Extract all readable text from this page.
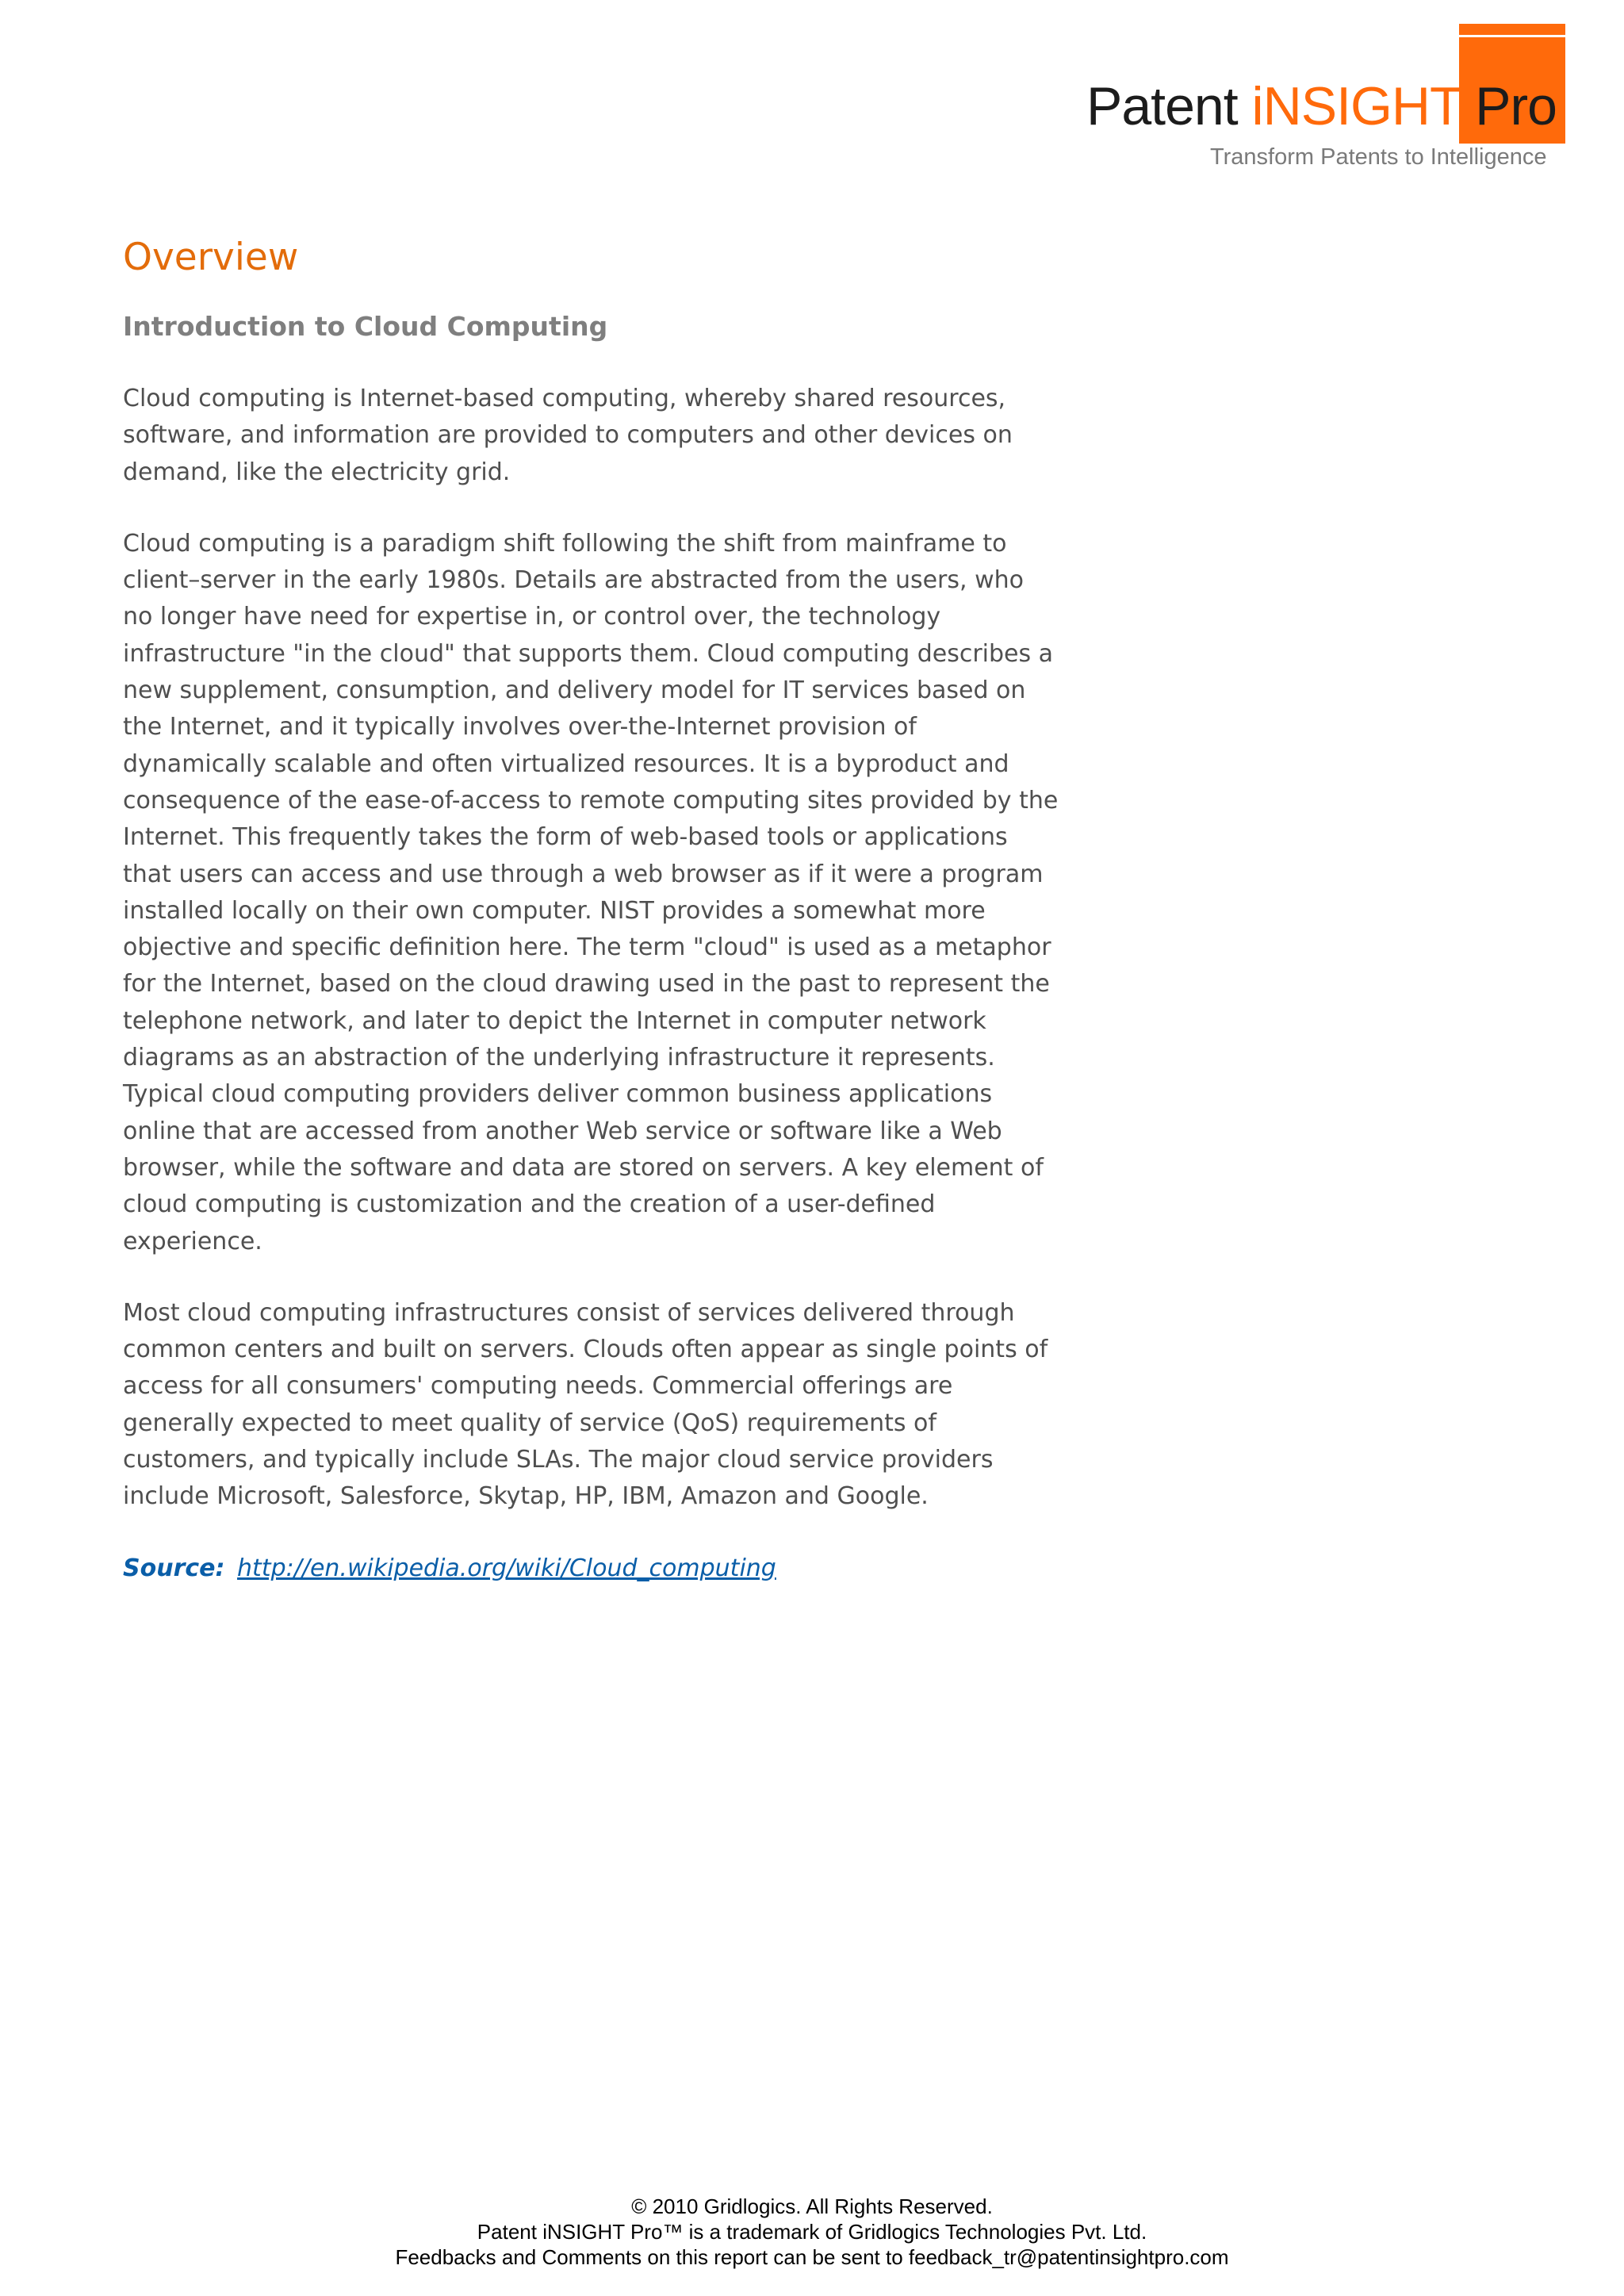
Patent iNSIGHT Pro
Transform Patents to Intelligence
Overview
Introduction to Cloud Computing

Cloud computing is Internet-based computing, whereby shared resources, software, and information are provided to computers and other devices on demand, like the electricity grid.

Cloud computing is a paradigm shift following the shift from mainframe to client–server in the early 1980s. Details are abstracted from the users, who no longer have need for expertise in, or control over, the technology infrastructure "in the cloud" that supports them. Cloud computing describes a new supplement, consumption, and delivery model for IT services based on the Internet, and it typically involves over-the-Internet provision of dynamically scalable and often virtualized resources. It is a byproduct and consequence of the ease-of-access to remote computing sites provided by the Internet. This frequently takes the form of web-based tools or applications that users can access and use through a web browser as if it were a program installed locally on their own computer. NIST provides a somewhat more objective and specific definition here. The term "cloud" is used as a metaphor for the Internet, based on the cloud drawing used in the past to represent the telephone network, and later to depict the Internet in computer network diagrams as an abstraction of the underlying infrastructure it represents. Typical cloud computing providers deliver common business applications online that are accessed from another Web service or software like a Web browser, while the software and data are stored on servers. A key element of cloud computing is customization and the creation of a user-defined experience.

Most cloud computing infrastructures consist of services delivered through common centers and built on servers. Clouds often appear as single points of access for all consumers' computing needs. Commercial offerings are generally expected to meet quality of service (QoS) requirements of customers, and typically include SLAs. The major cloud service providers include Microsoft, Salesforce, Skytap, HP, IBM, Amazon and Google.

Source: http://en.wikipedia.org/wiki/Cloud_computing
© 2010 Gridlogics. All Rights Reserved.
Patent iNSIGHT Pro™ is a trademark of Gridlogics Technologies Pvt. Ltd.
Feedbacks and Comments on this report can be sent to feedback_tr@patentinsightpro.com
